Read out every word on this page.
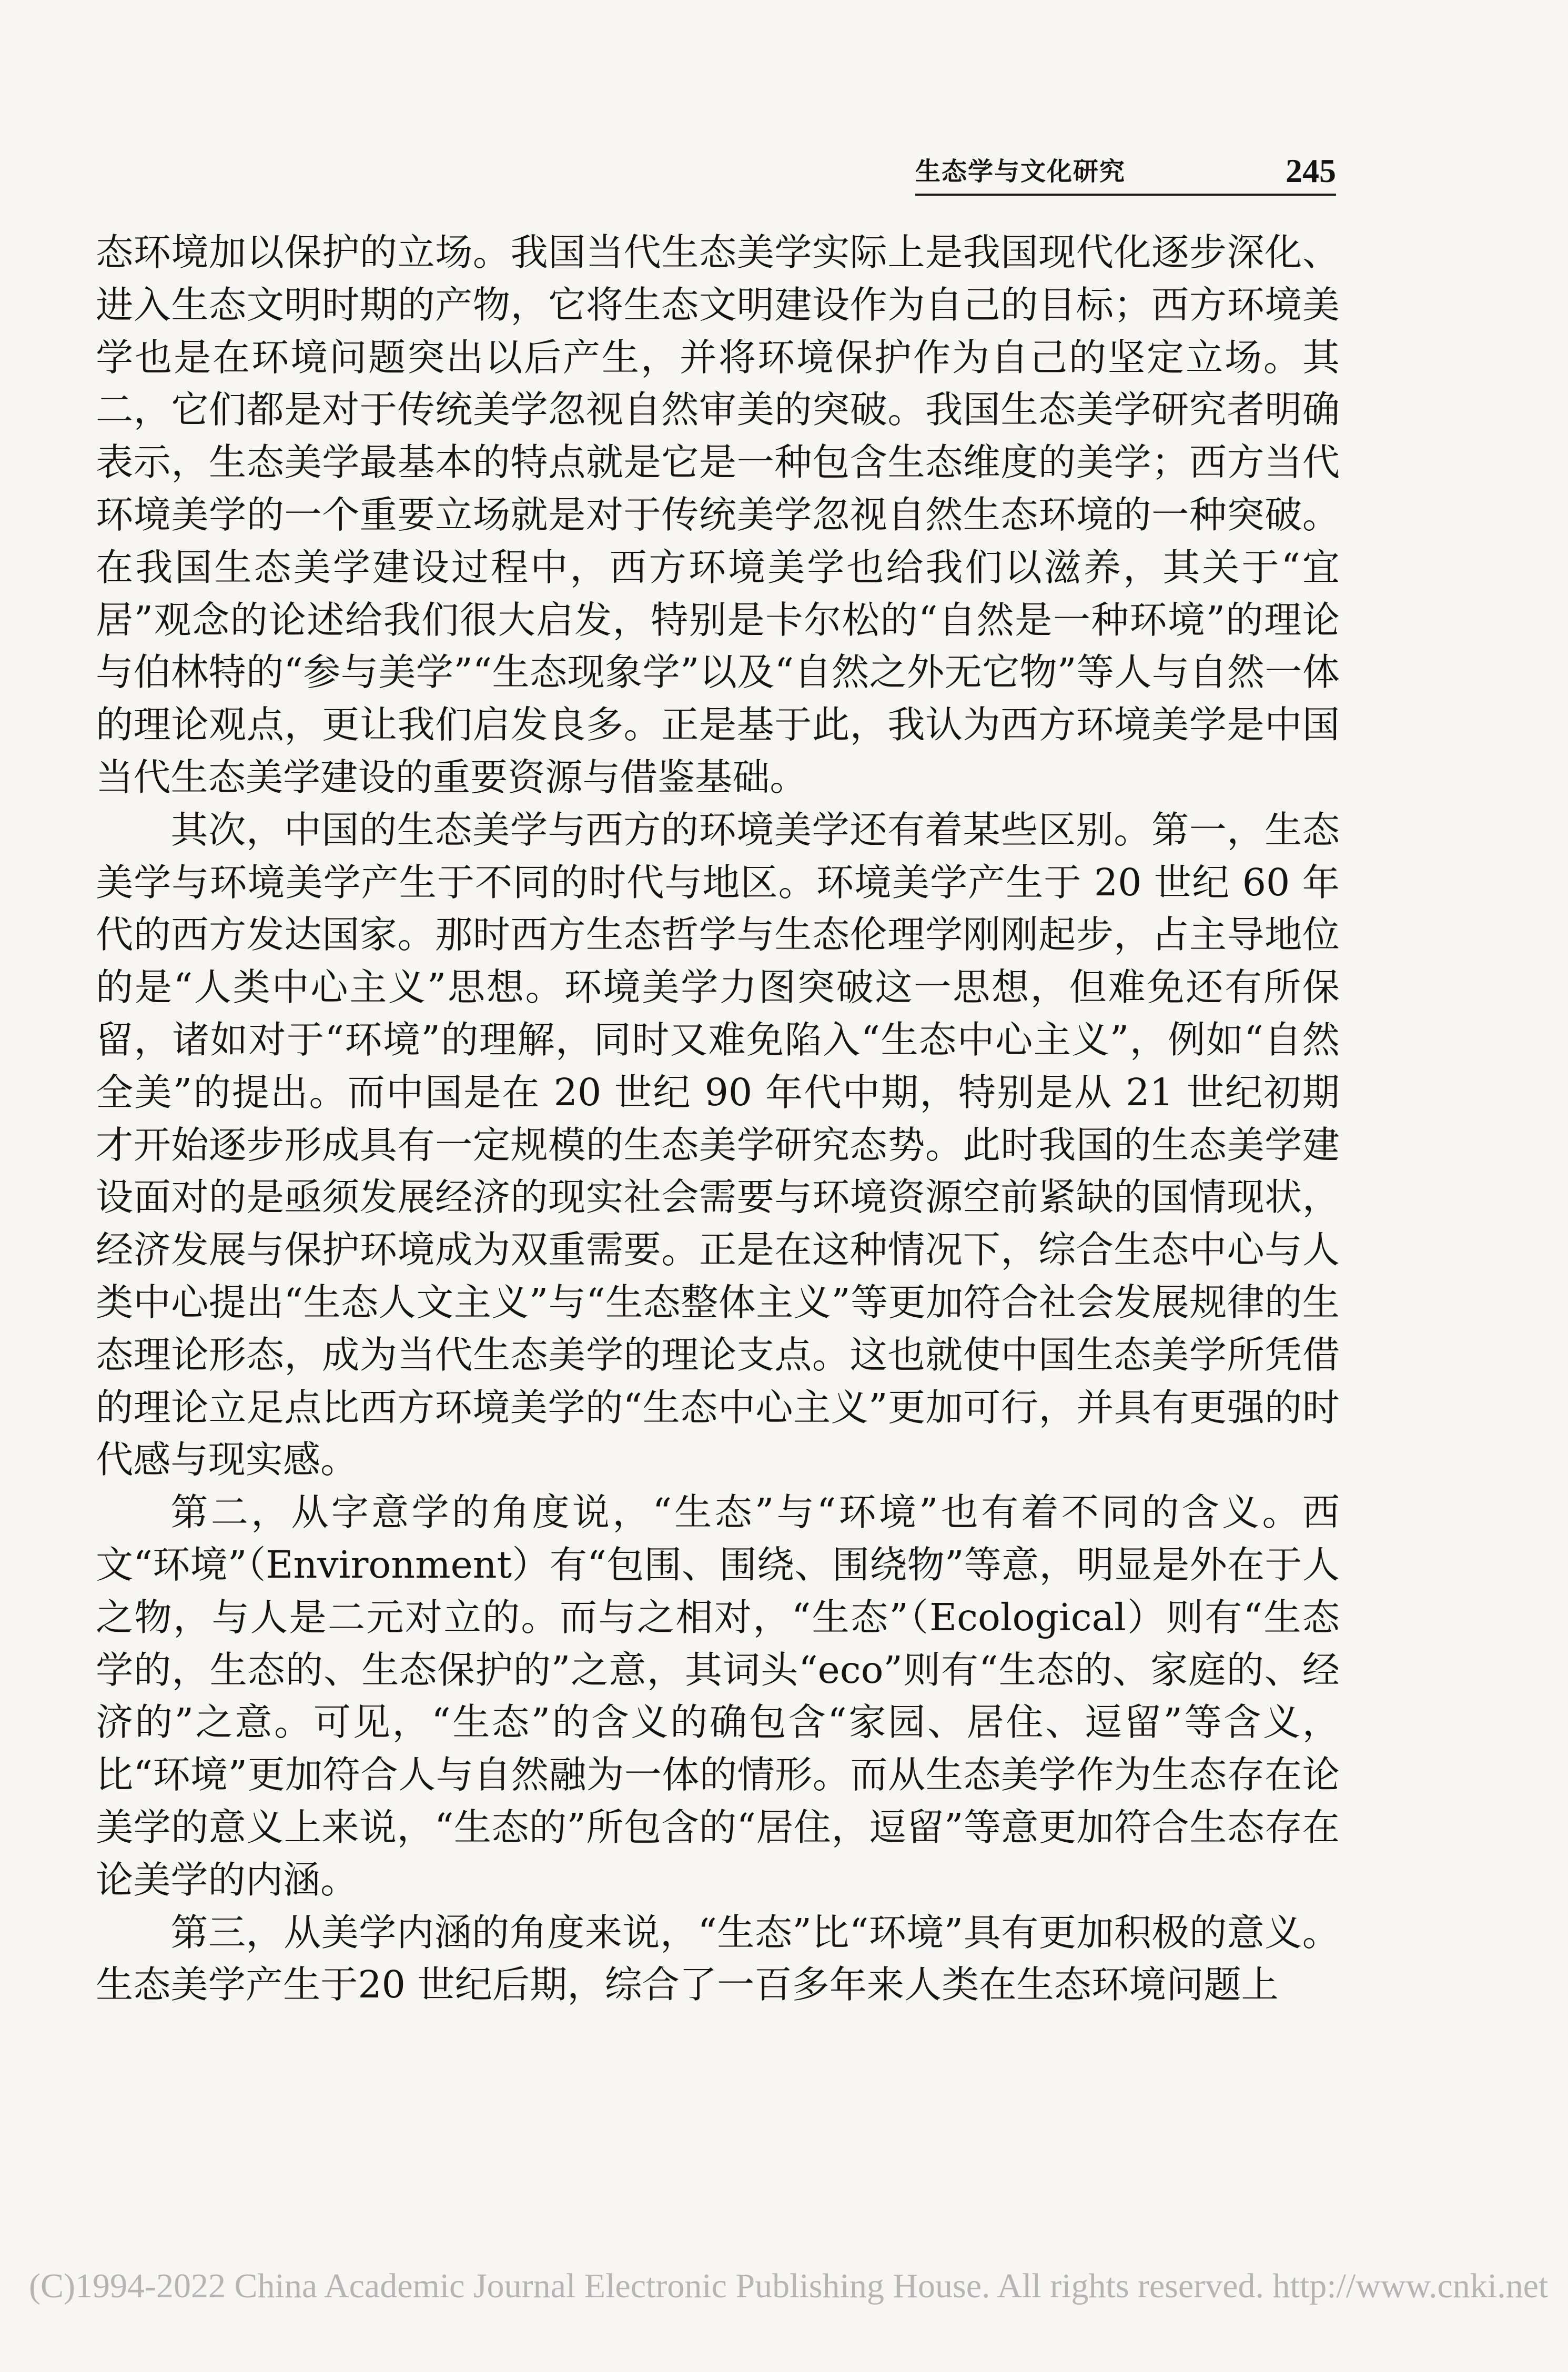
生态学与文化研究	245

态环境加以保护的立场。我国当代生态美学实际上是我国现代化逐步深化、进入生态文明时期的产物，它将生态文明建设作为自己的目标；西方环境美学也是在环境问题突出以后产生，并将环境保护作为自己的坚定立场。其二，它们都是对于传统美学忽视自然审美的突破。我国生态美学研究者明确表示，生态美学最基本的特点就是它是一种包含生态维度的美学；西方当代环境美学的一个重要立场就是对于传统美学忽视自然生态环境的一种突破。在我国生态美学建设过程中，西方环境美学也给我们以滋养，其关于“宜居”观念的论述给我们很大启发，特别是卡尔松的“自然是一种环境”的理论与伯林特的“参与美学”“生态现象学”以及“自然之外无它物”等人与自然一体的理论观点，更让我们启发良多。正是基于此，我认为西方环境美学是中国当代生态美学建设的重要资源与借鉴基础。

其次，中国的生态美学与西方的环境美学还有着某些区别。第一，生态美学与环境美学产生于不同的时代与地区。环境美学产生于 20 世纪 60 年代的西方发达国家。那时西方生态哲学与生态伦理学刚刚起步，占主导地位的是“人类中心主义”思想。环境美学力图突破这一思想，但难免还有所保留，诸如对于“环境”的理解，同时又难免陷入“生态中心主义”，例如“自然全美”的提出。而中国是在 20 世纪 90 年代中期，特别是从 21 世纪初期才开始逐步形成具有一定规模的生态美学研究态势。此时我国的生态美学建设面对的是亟须发展经济的现实社会需要与环境资源空前紧缺的国情现状，经济发展与保护环境成为双重需要。正是在这种情况下，综合生态中心与人类中心提出“生态人文主义”与“生态整体主义”等更加符合社会发展规律的生态理论形态，成为当代生态美学的理论支点。这也就使中国生态美学所凭借的理论立足点比西方环境美学的“生态中心主义”更加可行，并具有更强的时代感与现实感。

第二，从字意学的角度说，“生态”与“环境”也有着不同的含义。西文“环境”（Environment）有“包围、围绕、围绕物”等意，明显是外在于人之物，与人是二元对立的。而与之相对，“生态”（Ecological）则有“生态学的，生态的、生态保护的”之意，其词头“eco”则有“生态的、家庭的、经济的”之意。可见，“生态”的含义的确包含“家园、居住、逗留”等含义，比“环境”更加符合人与自然融为一体的情形。而从生态美学作为生态存在论美学的意义上来说，“生态的”所包含的“居住，逗留”等意更加符合生态存在论美学的内涵。

第三，从美学内涵的角度来说，“生态”比“环境”具有更加积极的意义。生态美学产生于20 世纪后期，综合了一百多年来人类在生态环境问题上

(C)1994-2022 China Academic Journal Electronic Publishing House. All rights reserved. http://www.cnki.net
